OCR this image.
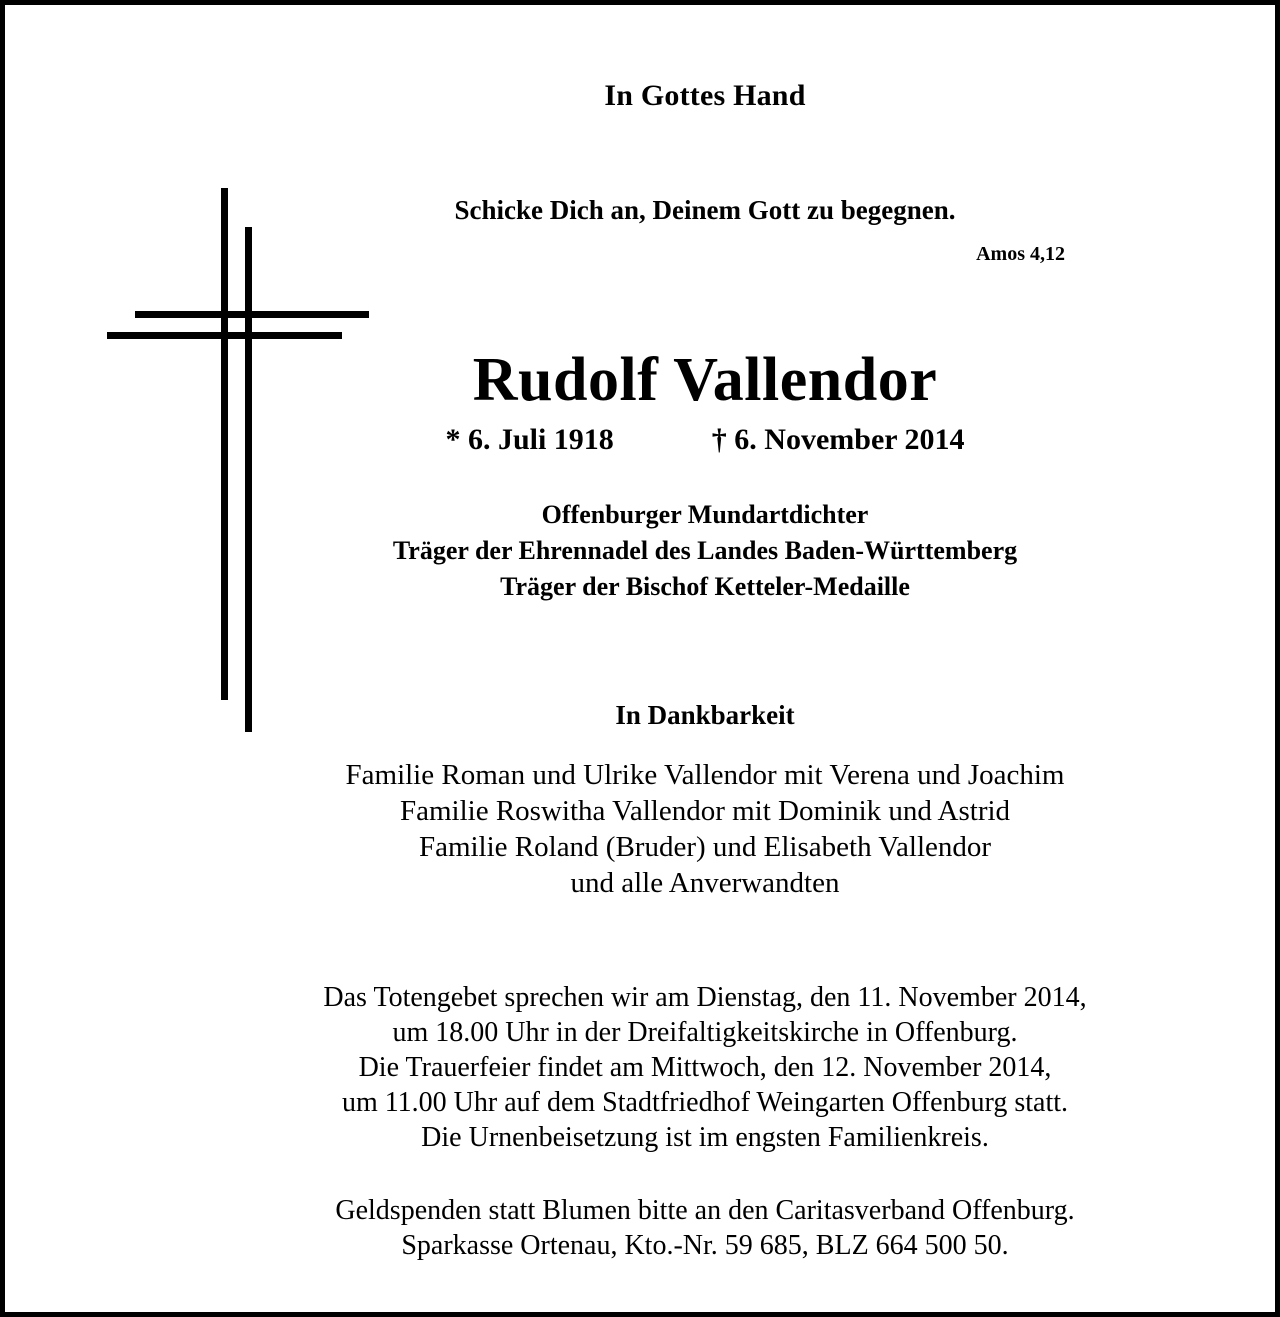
In Gottes Hand
Schicke Dich an, Deinem Gott zu begegnen.
Amos 4,12
Rudolf Vallendor
* 6. Juli 1918	† 6. November 2014
Offenburger Mundartdichter
Träger der Ehrennadel des Landes Baden-Württemberg
Träger der Bischof Ketteler-Medaille
In Dankbarkeit
Familie Roman und Ulrike Vallendor mit Verena und Joachim
Familie Roswitha Vallendor mit Dominik und Astrid
Familie Roland (Bruder) und Elisabeth Vallendor
und alle Anverwandten
Das Totengebet sprechen wir am Dienstag, den 11. November 2014,
um 18.00 Uhr in der Dreifaltigkeitskirche in Offenburg.
Die Trauerfeier findet am Mittwoch, den 12. November 2014,
um 11.00 Uhr auf dem Stadtfriedhof Weingarten Offenburg statt.
Die Urnenbeisetzung ist im engsten Familienkreis.
Geldspenden statt Blumen bitte an den Caritasverband Offenburg.
Sparkasse Ortenau, Kto.-Nr. 59 685, BLZ 664 500 50.
